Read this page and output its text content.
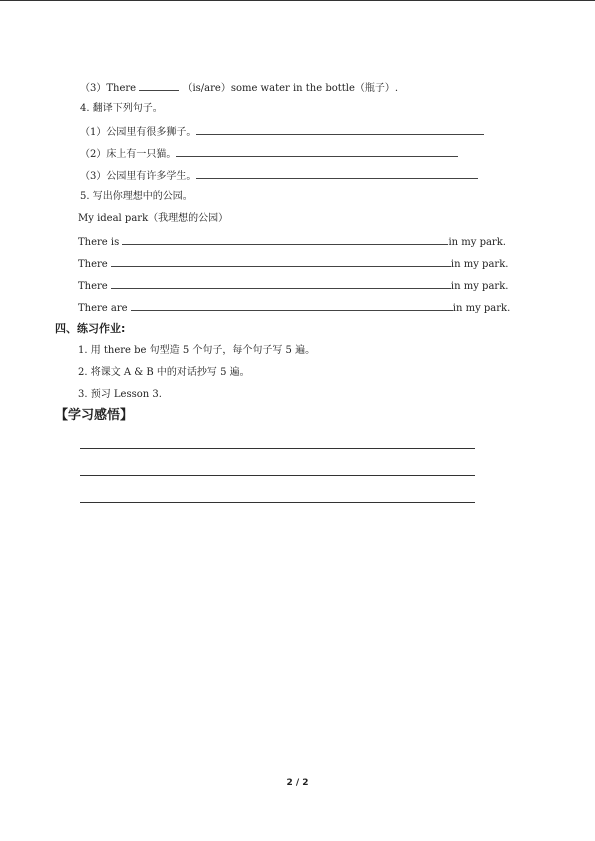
（3）There	（is/are）some water in the bottle（瓶子）.
4. 翻译下列句子。
（1）公园里有很多狮子。
（2）床上有一只猫。
（3）公园里有许多学生。
5. 写出你理想中的公园。
My ideal park（我理想的公园）
There is	in my park.
There	in my park.
There	in my park.
There are	in my park.
四、练习作业:
1. 用 there be 句型造 5 个句子，每个句子写 5 遍。
2. 将课文 A & B 中的对话抄写 5 遍。
3. 预习 Lesson 3.
【学习感悟】
2 / 2
